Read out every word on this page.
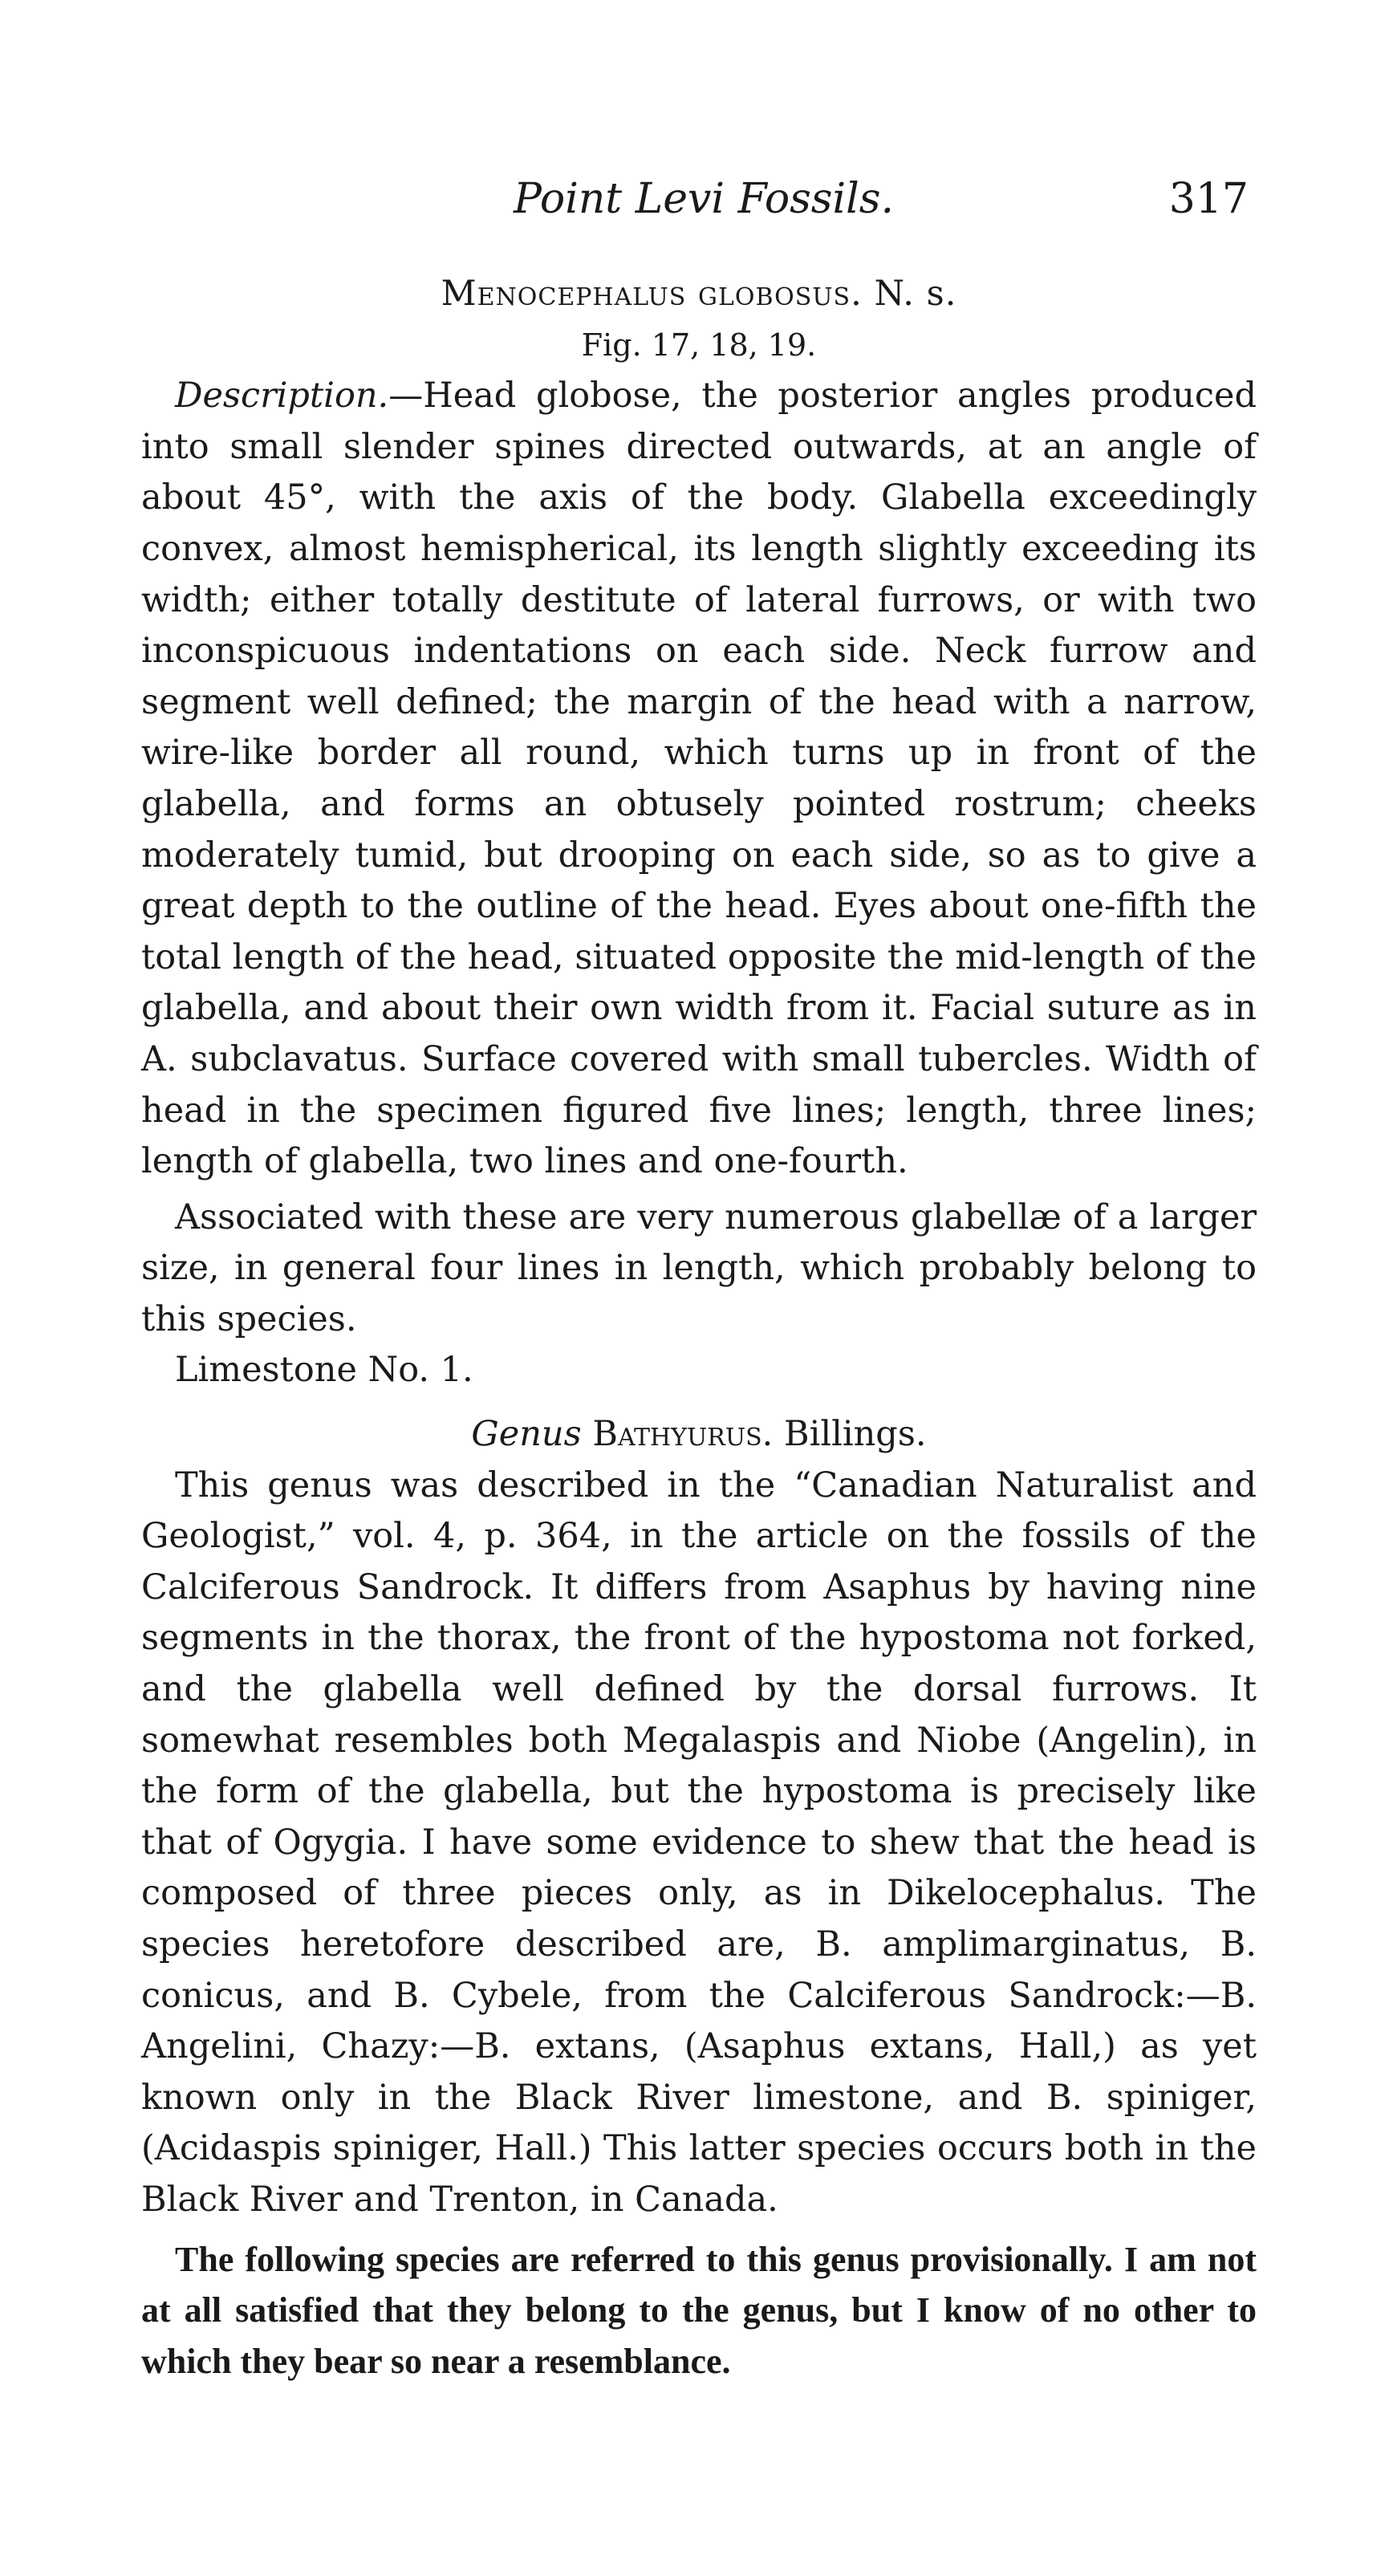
Point Levi Fossils.	317
Menocephalus globosus. N. s.
Fig. 17, 18, 19.

Description.—Head globose, the posterior angles produced into small slender spines directed outwards, at an angle of about 45°, with the axis of the body. Glabella exceedingly convex, almost hemispherical, its length slightly exceeding its width; either totally destitute of lateral furrows, or with two inconspicuous indentations on each side. Neck furrow and segment well defined; the margin of the head with a narrow, wire-like border all round, which turns up in front of the glabella, and forms an obtusely pointed rostrum; cheeks moderately tumid, but drooping on each side, so as to give a great depth to the outline of the head. Eyes about one-fifth the total length of the head, situated opposite the mid-length of the glabella, and about their own width from it. Facial suture as in A. subclavatus. Surface covered with small tubercles. Width of head in the specimen figured five lines; length, three lines; length of glabella, two lines and one-fourth.

Associated with these are very numerous glabellæ of a larger size, in general four lines in length, which probably belong to this species.

Limestone No. 1.

Genus Bathyurus. Billings.

This genus was described in the “Canadian Naturalist and Geologist,” vol. 4, p. 364, in the article on the fossils of the Calciferous Sandrock. It differs from Asaphus by having nine segments in the thorax, the front of the hypostoma not forked, and the glabella well defined by the dorsal furrows. It somewhat resembles both Megalaspis and Niobe (Angelin), in the form of the glabella, but the hypostoma is precisely like that of Ogygia. I have some evidence to shew that the head is composed of three pieces only, as in Dikelocephalus. The species heretofore described are, B. amplimarginatus, B. conicus, and B. Cybele, from the Calciferous Sandrock:—B. Angelini, Chazy:—B. extans, (Asaphus extans, Hall,) as yet known only in the Black River limestone, and B. spiniger, (Acidaspis spiniger, Hall.) This latter species occurs both in the Black River and Trenton, in Canada.

The following species are referred to this genus provisionally. I am not at all satisfied that they belong to the genus, but I know of no other to which they bear so near a resemblance.
